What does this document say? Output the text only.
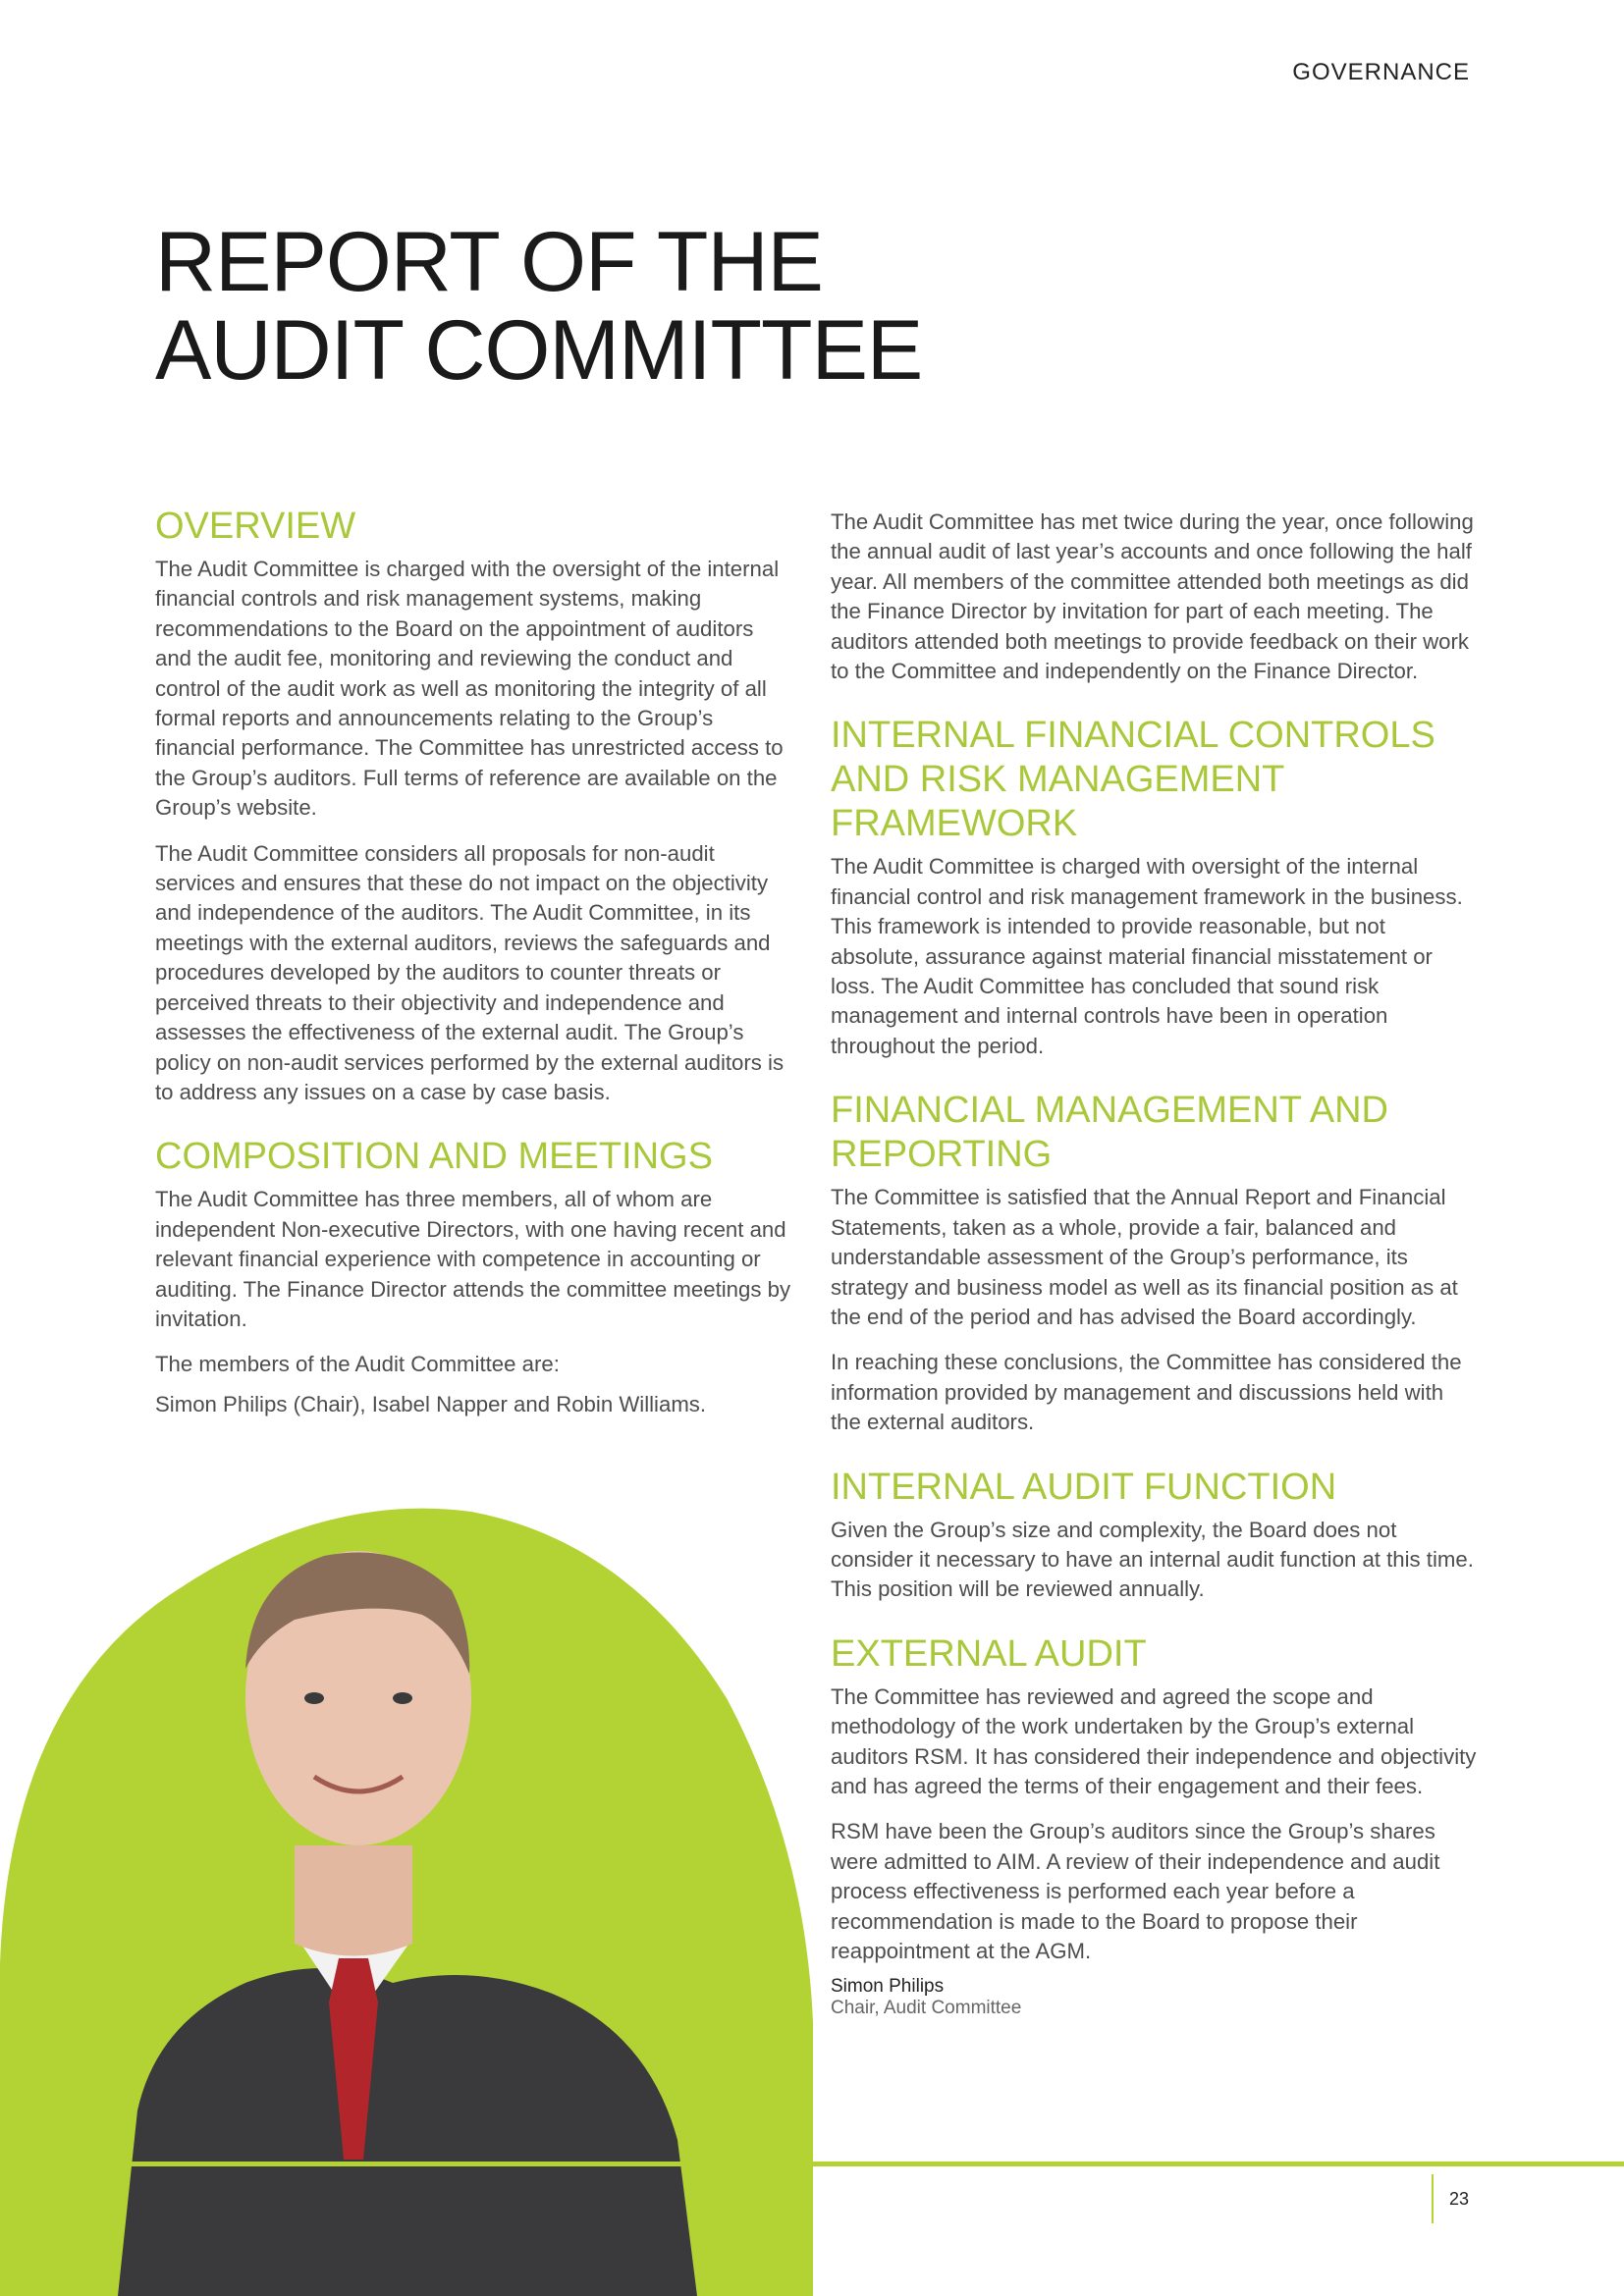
GOVERNANCE
REPORT OF THE
AUDIT COMMITTEE
OVERVIEW

The Audit Committee is charged with the oversight of the internal financial controls and risk management systems, making recommendations to the Board on the appointment of auditors and the audit fee, monitoring and reviewing the conduct and control of the audit work as well as monitoring the integrity of all formal reports and announcements relating to the Group’s financial performance. The Committee has unrestricted access to the Group’s auditors. Full terms of reference are available on the Group’s website.

The Audit Committee considers all proposals for non-audit services and ensures that these do not impact on the objectivity and independence of the auditors. The Audit Committee, in its meetings with the external auditors, reviews the safeguards and procedures developed by the auditors to counter threats or perceived threats to their objectivity and independence and assesses the effectiveness of the external audit. The Group’s policy on non-audit services performed by the external auditors is to address any issues on a case by case basis.

COMPOSITION AND MEETINGS

The Audit Committee has three members, all of whom are independent Non-executive Directors, with one having recent and relevant financial experience with competence in accounting or auditing. The Finance Director attends the committee meetings by invitation.

The members of the Audit Committee are:

Simon Philips (Chair), Isabel Napper and Robin Williams.

The Audit Committee has met twice during the year, once following the annual audit of last year’s accounts and once following the half year. All members of the committee attended both meetings as did the Finance Director by invitation for part of each meeting. The auditors attended both meetings to provide feedback on their work to the Committee and independently on the Finance Director.

INTERNAL FINANCIAL CONTROLS AND RISK MANAGEMENT FRAMEWORK

The Audit Committee is charged with oversight of the internal financial control and risk management framework in the business. This framework is intended to provide reasonable, but not absolute, assurance against material financial misstatement or loss. The Audit Committee has concluded that sound risk management and internal controls have been in operation throughout the period.

FINANCIAL MANAGEMENT AND REPORTING

The Committee is satisfied that the Annual Report and Financial Statements, taken as a whole, provide a fair, balanced and understandable assessment of the Group’s performance, its strategy and business model as well as its financial position as at the end of the period and has advised the Board accordingly.

In reaching these conclusions, the Committee has considered the information provided by management and discussions held with the external auditors.

INTERNAL AUDIT FUNCTION

Given the Group’s size and complexity, the Board does not consider it necessary to have an internal audit function at this time. This position will be reviewed annually.

EXTERNAL AUDIT

The Committee has reviewed and agreed the scope and methodology of the work undertaken by the Group’s external auditors RSM. It has considered their independence and objectivity and has agreed the terms of their engagement and their fees.

RSM have been the Group’s auditors since the Group’s shares were admitted to AIM. A review of their independence and audit process effectiveness is performed each year before a recommendation is made to the Board to propose their reappointment at the AGM.

Simon Philips
Chair, Audit Committee
23
